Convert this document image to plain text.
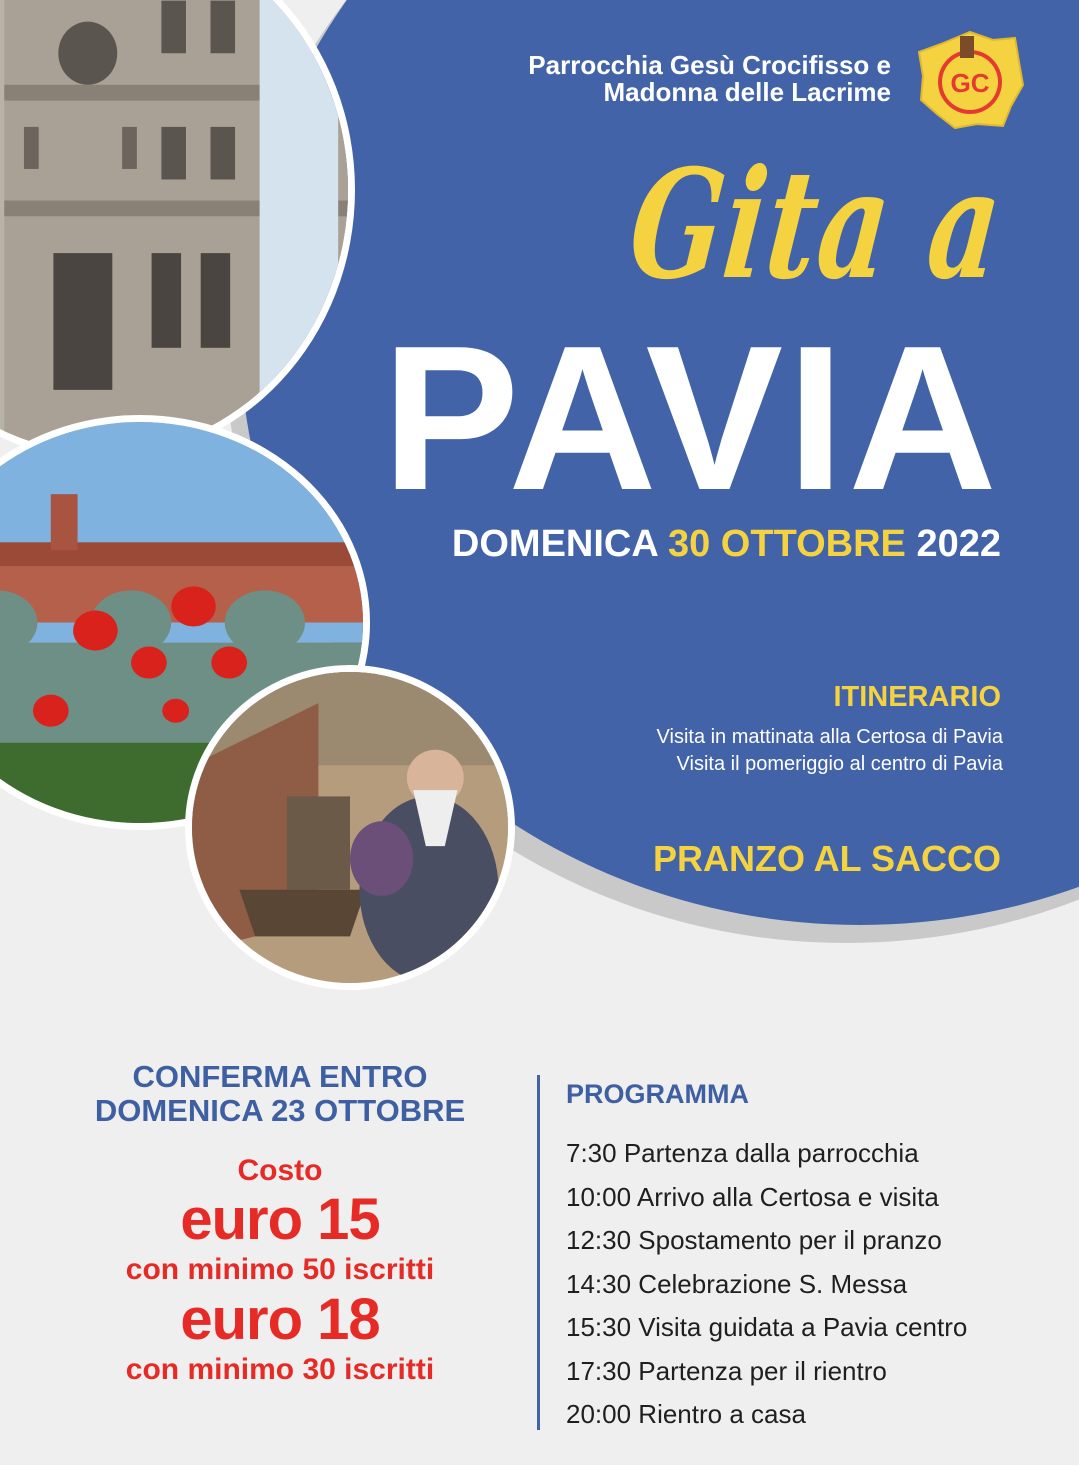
Parrocchia Gesù Crocifisso e
Madonna delle Lacrime GC
Gita a
PAVIA
DOMENICA 30 OTTOBRE 2022
ITINERARIO
Visita in mattinata alla Certosa di Pavia
Visita il pomeriggio al centro di Pavia
PRANZO AL SACCO
CONFERMA ENTRO
DOMENICA 23 OTTOBRE
Costo
euro 15
con minimo 50 iscritti
euro 18
con minimo 30 iscritti
PROGRAMMA
7:30 Partenza dalla parrocchia
10:00 Arrivo alla Certosa e visita
12:30 Spostamento per il pranzo
14:30 Celebrazione S. Messa
15:30 Visita guidata a Pavia centro
17:30 Partenza per il rientro
20:00 Rientro a casa
